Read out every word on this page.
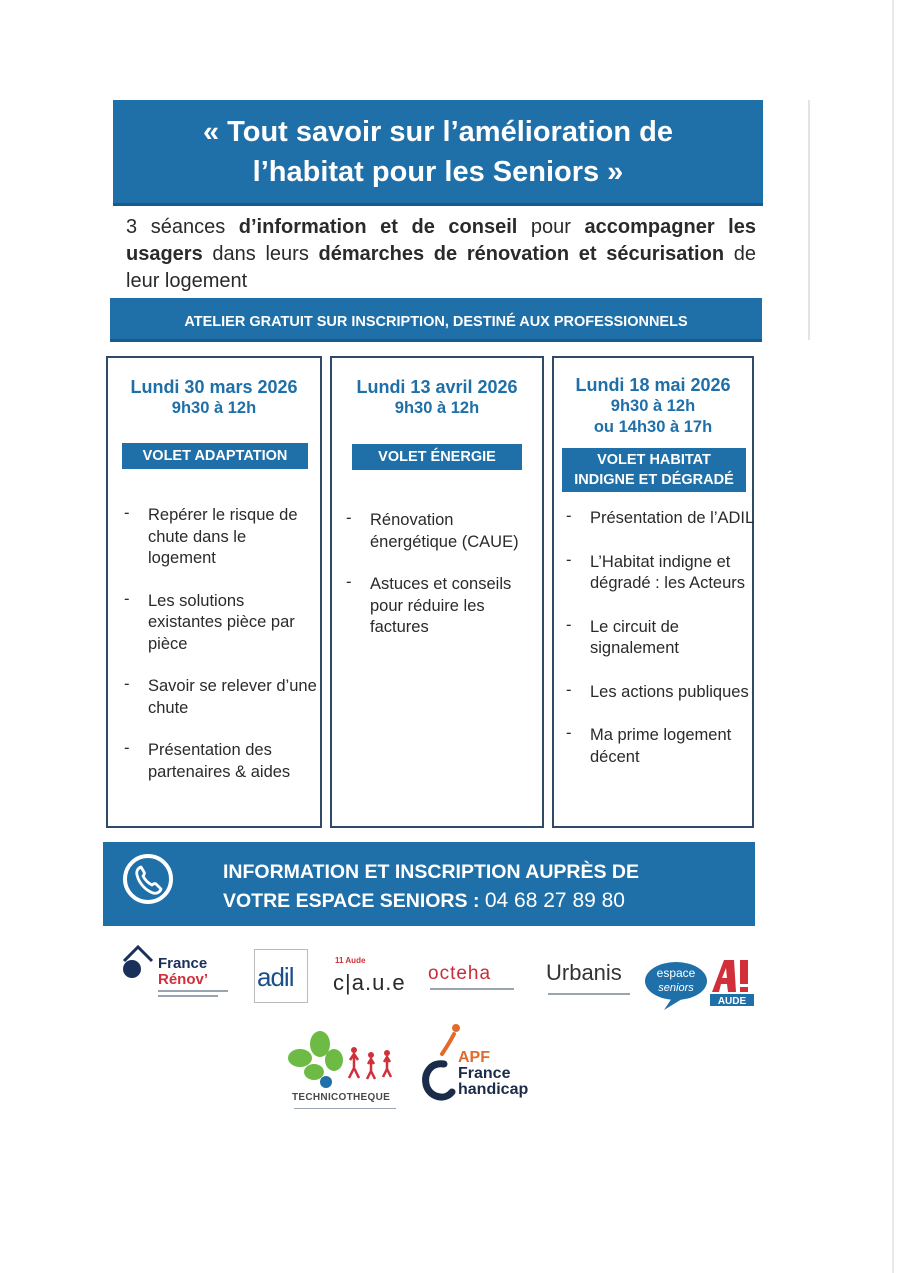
« Tout savoir sur l’amélioration de
l’habitat pour les Seniors »

3 séances d’information et de conseil pour accompagner les usagers dans leurs démarches de rénovation et sécurisation de leur logement

ATELIER GRATUIT SUR INSCRIPTION, DESTINÉ AUX PROFESSIONNELS
Lundi 30 mars 2026
9h30 à 12h
VOLET ADAPTATION
- Repérer le risque de chute dans le logement
- Les solutions existantes pièce par pièce
- Savoir se relever d’une chute
- Présentation des partenaires & aides
Lundi 13 avril 2026
9h30 à 12h
VOLET ÉNERGIE
- Rénovation énergétique (CAUE)
- Astuces et conseils pour réduire les factures
Lundi 18 mai 2026
9h30 à 12h
ou 14h30 à 17h
VOLET HABITAT
INDIGNE ET DÉGRADÉ
- Présentation de l’ADIL
- L’Habitat indigne et dégradé : les Acteurs
- Le circuit de signalement
- Les actions publiques
- Ma prime logement décent
INFORMATION ET INSCRIPTION AUPRÈS DE
VOTRE ESPACE SENIORS : 04 68 27 89 80
France
Rénov’ adil
11 Aude
c|a.u.e octeha Urbanis	espace
seniors
AUDE
TECHNICOTHEQUE
APF
France
handicap
